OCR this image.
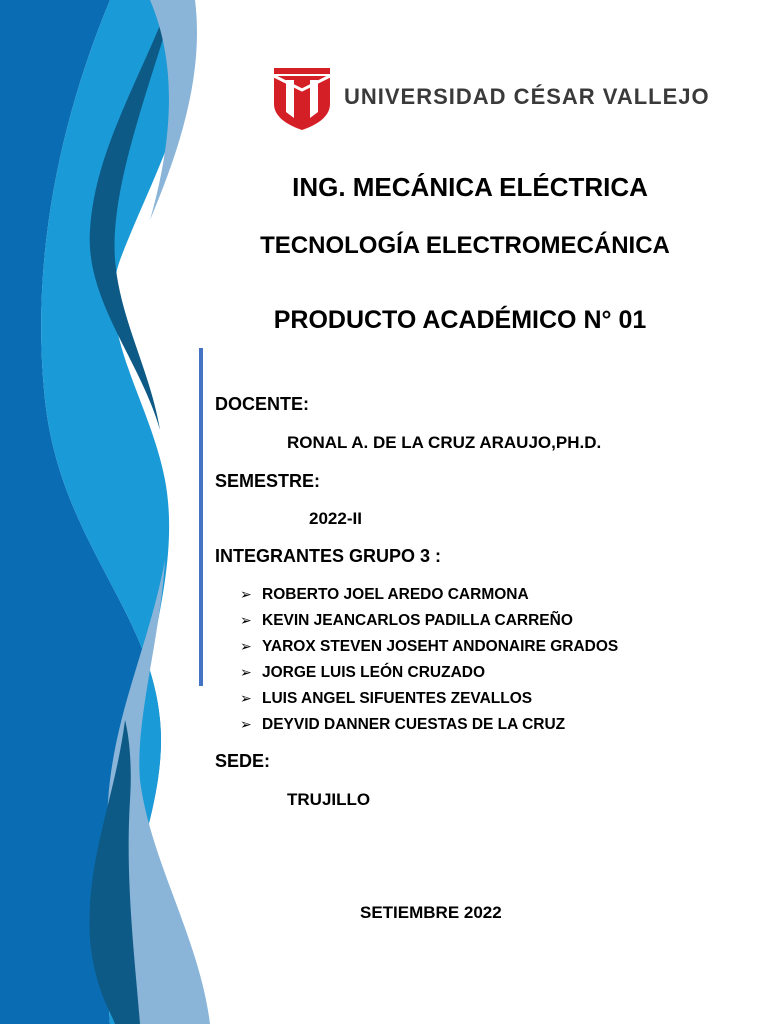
UNIVERSIDAD CÉSAR VALLEJO
ING. MECÁNICA ELÉCTRICA
TECNOLOGÍA ELECTROMECÁNICA
PRODUCTO ACADÉMICO N° 01
DOCENTE:
RONAL A. DE LA CRUZ ARAUJO,PH.D.
SEMESTRE:
2022-II
INTEGRANTES GRUPO 3 :
➢ ROBERTO JOEL AREDO CARMONA
➢ KEVIN JEANCARLOS PADILLA CARREÑO
➢ YAROX STEVEN JOSEHT ANDONAIRE GRADOS
➢ JORGE LUIS LEÓN CRUZADO
➢ LUIS ANGEL SIFUENTES ZEVALLOS
➢ DEYVID DANNER CUESTAS DE LA CRUZ
SEDE:
TRUJILLO
SETIEMBRE 2022
